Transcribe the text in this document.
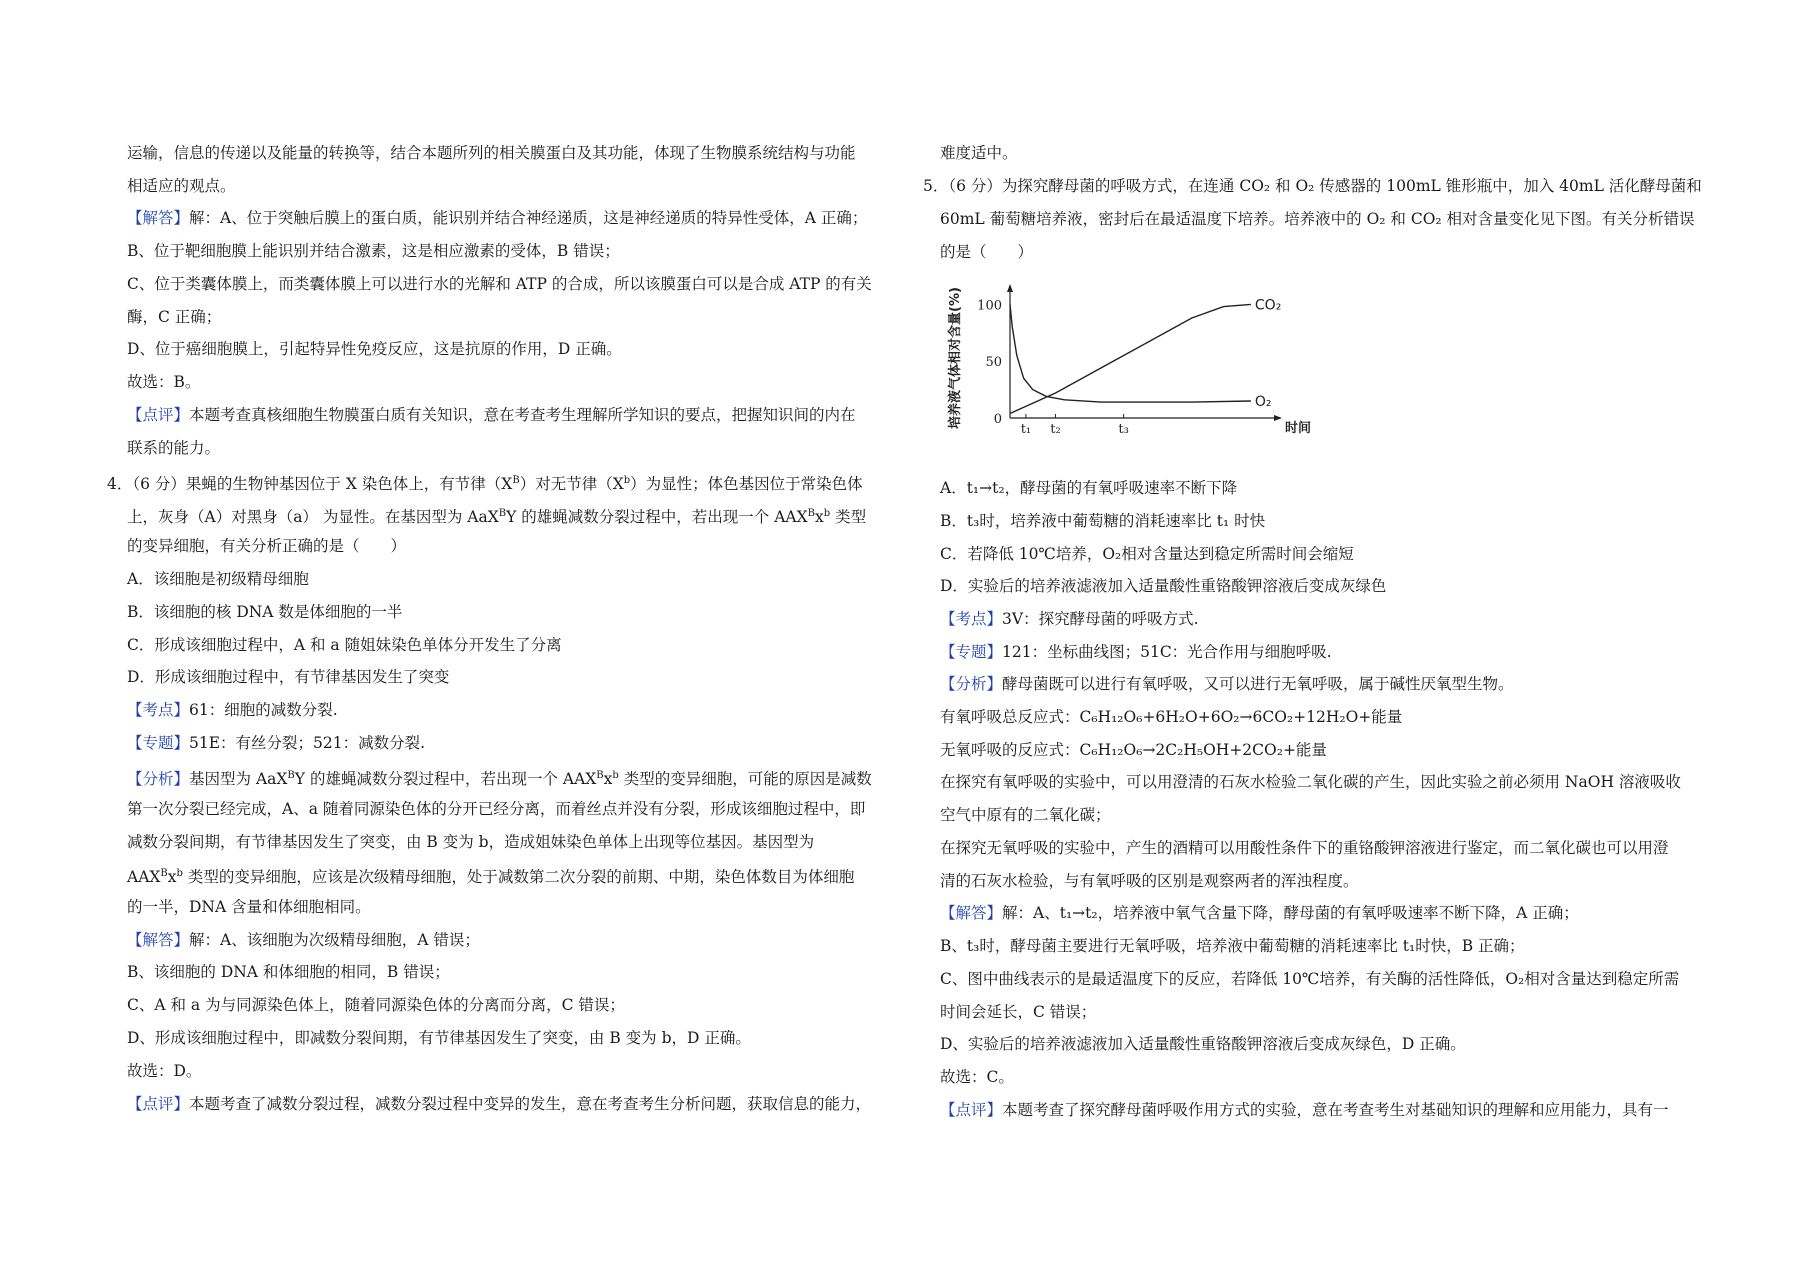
运输，信息的传递以及能量的转换等，结合本题所列的相关膜蛋白及其功能，体现了生物膜系统结构与功能
相适应的观点。
【解答】解：A、位于突触后膜上的蛋白质，能识别并结合神经递质，这是神经递质的特异性受体，A 正确；
B、位于靶细胞膜上能识别并结合激素，这是相应激素的受体，B 错误；
C、位于类囊体膜上，而类囊体膜上可以进行水的光解和 ATP 的合成，所以该膜蛋白可以是合成 ATP 的有关
酶，C 正确；
D、位于癌细胞膜上，引起特异性免疫反应，这是抗原的作用，D 正确。
故选：B。
【点评】本题考查真核细胞生物膜蛋白质有关知识，意在考查考生理解所学知识的要点，把握知识间的内在
联系的能力。
4．（6 分）果蝇的生物钟基因位于 X 染色体上，有节律$(X^B)$对无节律$(X^b)$为显性；体色基因位于常染色体
上，灰身（A）对黑身（a） 为显性。在基因型为 AaX$^B$Y 的雄蝇减数分裂过程中，若出现一个 $AAX^Bx^b$ 类型
的变异细胞，有关分析正确的是（　　）
A．该细胞是初级精母细胞
B．该细胞的核 DNA 数是体细胞的一半
C．形成该细胞过程中，A 和 a 随姐妹染色单体分开发生了分离
D．形成该细胞过程中，有节律基因发生了突变
【考点】61：细胞的减数分裂.
【专题】51E：有丝分裂；521：减数分裂.
【分析】基因型为 AaX$^B$Y 的雄蝇减数分裂过程中，若出现一个 $AAX^Bx^b$ 类型的变异细胞，可能的原因是减数
第一次分裂已经完成，A、a 随着同源染色体的分开已经分离，而着丝点并没有分裂，形成该细胞过程中，即
减数分裂间期，有节律基因发生了突变，由 B 变为 b，造成姐妹染色单体上出现等位基因。基因型为
$AAX^Bx^b$ 类型的变异细胞，应该是次级精母细胞，处于减数第二次分裂的前期、中期，染色体数目为体细胞
的一半，DNA 含量和体细胞相同。
【解答】解：A、该细胞为次级精母细胞，A 错误；
B、该细胞的 DNA 和体细胞的相同，B 错误；
C、A 和 a 为与同源染色体上，随着同源染色体的分离而分离，C 错误；
D、形成该细胞过程中，即减数分裂间期，有节律基因发生了突变，由 B 变为 b，D 正确。
故选：D。
【点评】本题考查了减数分裂过程，减数分裂过程中变异的发生，意在考查考生分析问题，获取信息的能力，
难度适中。
5．（6 分）为探究酵母菌的呼吸方式，在连通 CO₂ 和 O₂ 传感器的 100mL 锥形瓶中，加入 40mL 活化酵母菌和
60mL 葡萄糖培养液，密封后在最适温度下培养。培养液中的 O₂ 和 CO₂ 相对含量变化见下图。有关分析错误
的是（　　）
A．t₁→t₂，酵母菌的有氧呼吸速率不断下降
B．t₃时，培养液中葡萄糖的消耗速率比 t₁ 时快
C．若降低 10℃培养，O₂相对含量达到稳定所需时间会缩短
D．实验后的培养液滤液加入适量酸性重铬酸钾溶液后变成灰绿色
【考点】3V：探究酵母菌的呼吸方式.
【专题】121：坐标曲线图；51C：光合作用与细胞呼吸.
【分析】酵母菌既可以进行有氧呼吸，又可以进行无氧呼吸，属于碱性厌氧型生物。
有氧呼吸总反应式：C₆H₁₂O₆+6H₂O+6O₂→6CO₂+12H₂O+能量
无氧呼吸的反应式：C₆H₁₂O₆→2C₂H₅OH+2CO₂+能量
在探究有氧呼吸的实验中，可以用澄清的石灰水检验二氧化碳的产生，因此实验之前必须用 NaOH 溶液吸收
空气中原有的二氧化碳；
在探究无氧呼吸的实验中，产生的酒精可以用酸性条件下的重铬酸钾溶液进行鉴定，而二氧化碳也可以用澄
清的石灰水检验，与有氧呼吸的区别是观察两者的浑浊程度。
【解答】解：A、t₁→t₂，培养液中氧气含量下降，酵母菌的有氧呼吸速率不断下降，A 正确；
B、t₃时，酵母菌主要进行无氧呼吸，培养液中葡萄糖的消耗速率比 t₁时快，B 正确；
C、图中曲线表示的是最适温度下的反应，若降低 10℃培养，有关酶的活性降低，O₂相对含量达到稳定所需
时间会延长，C 错误；
D、实验后的培养液滤液加入适量酸性重铬酸钾溶液后变成灰绿色，D 正确。
故选：C。
【点评】本题考查了探究酵母菌呼吸作用方式的实验，意在考查考生对基础知识的理解和应用能力，具有一
培养液气体相对含量(%)	时间
0
50
100
t₁ t₂	t₃
CO₂
O₂
